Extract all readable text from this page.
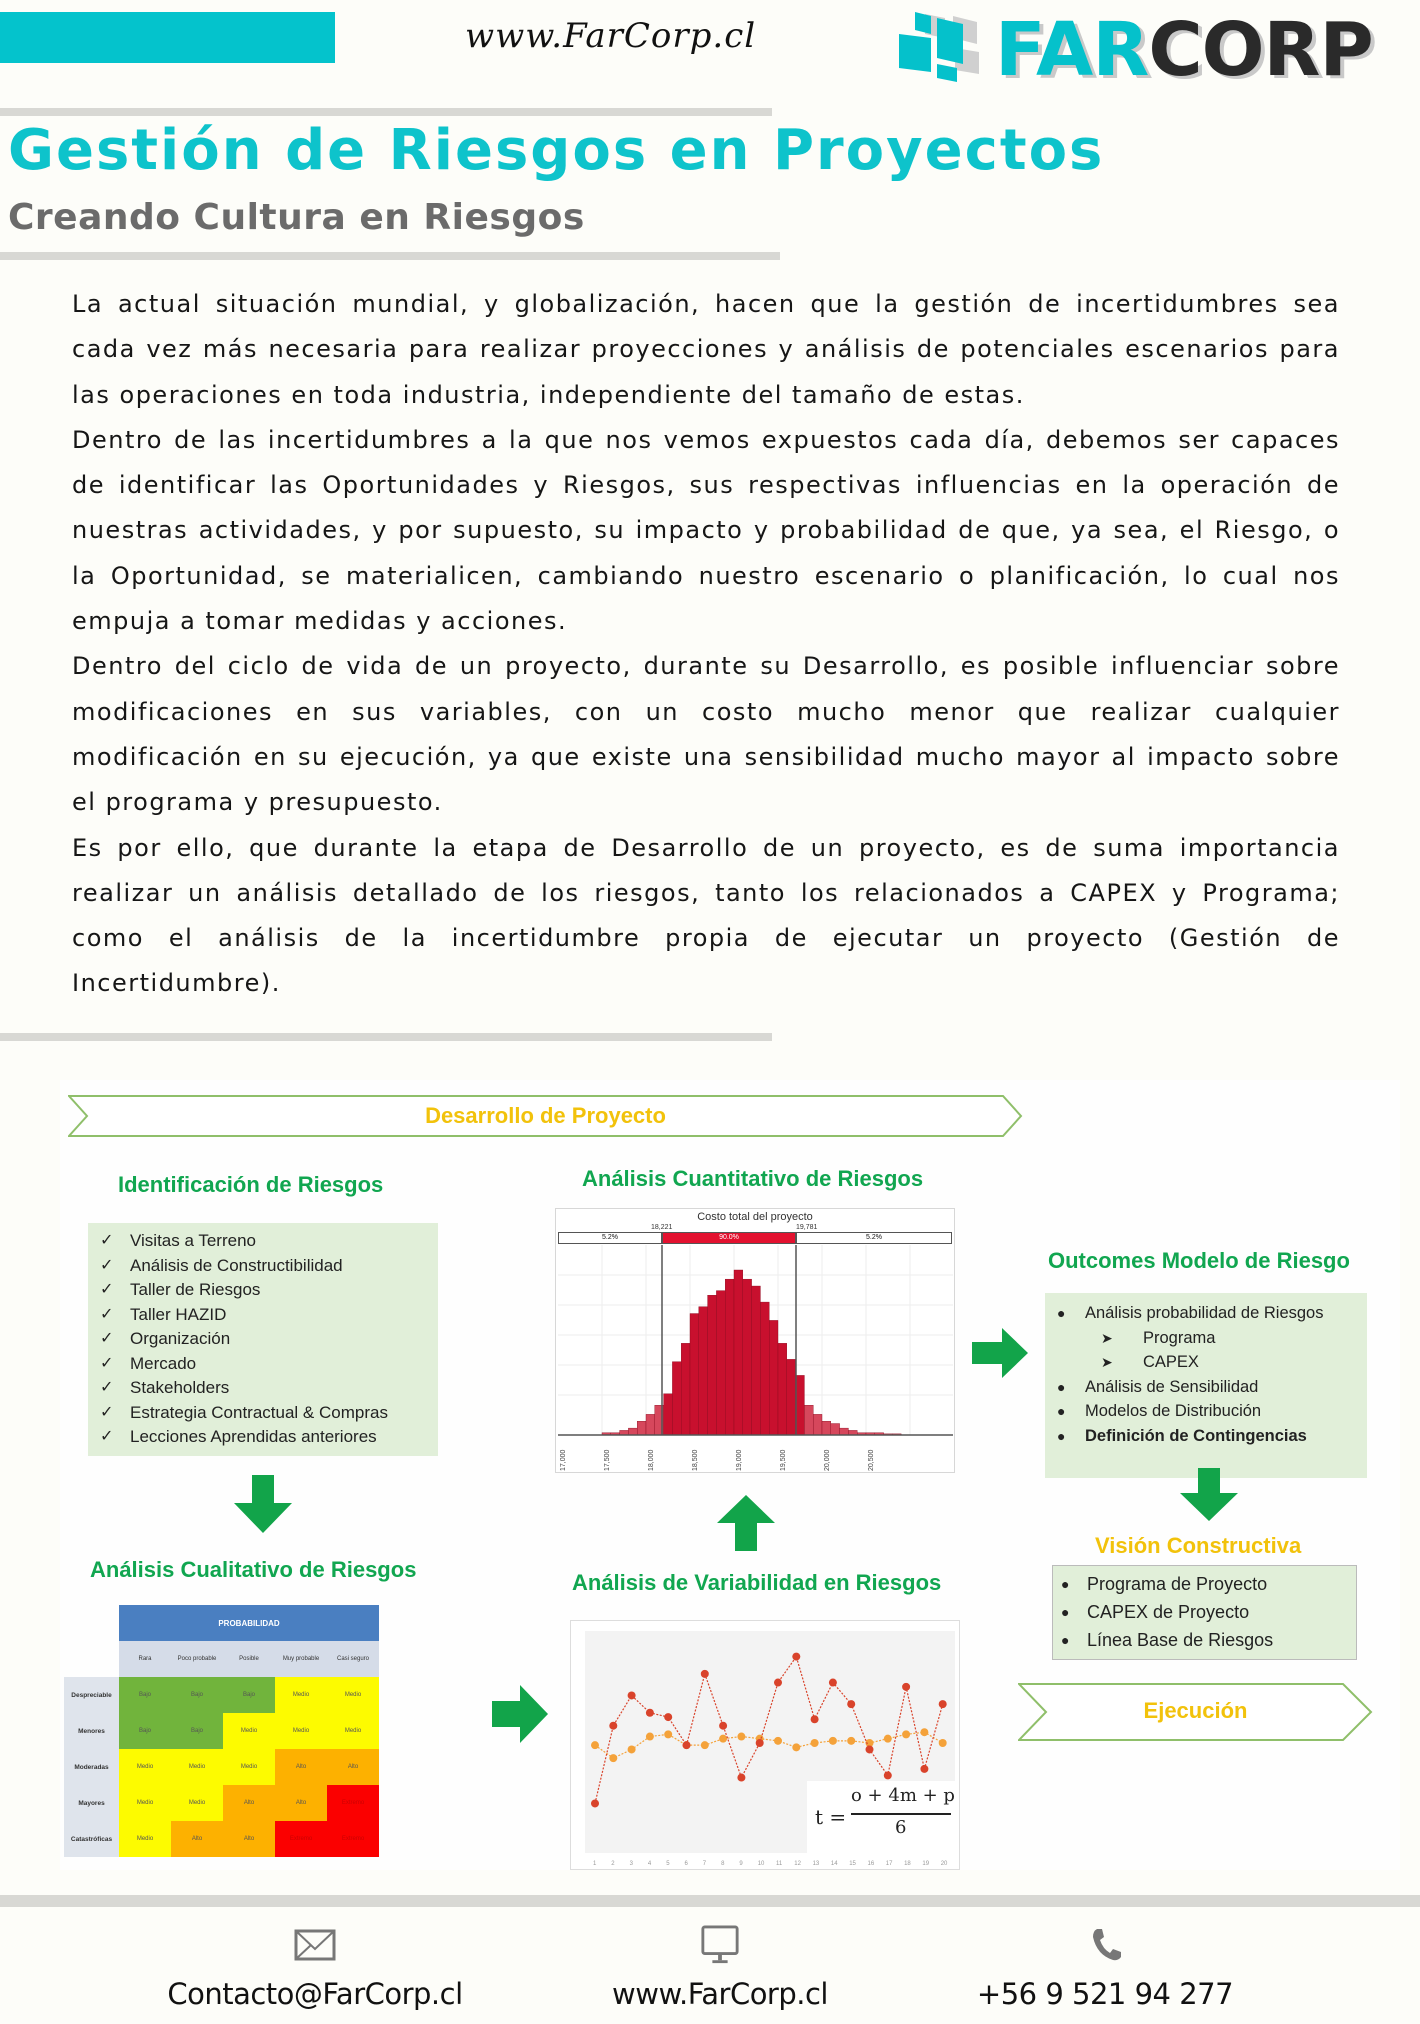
www.FarCorp.cl	FARCORP
Gestión de Riesgos en Proyectos
Creando Cultura en Riesgos

La actual situación mundial, y globalización, hacen que la gestión de incertidumbres sea cada vez más necesaria para realizar proyecciones y análisis de potenciales escenarios para las operaciones en toda industria, independiente del tamaño de estas.

Dentro de las incertidumbres a la que nos vemos expuestos cada día, debemos ser capaces de identificar las Oportunidades y Riesgos, sus respectivas influencias en la operación de nuestras actividades, y por supuesto, su impacto y probabilidad de que, ya sea, el Riesgo, o la Oportunidad, se materialicen, cambiando nuestro escenario o planificación, lo cual nos empuja a tomar medidas y acciones.

Dentro del ciclo de vida de un proyecto, durante su Desarrollo, es posible influenciar sobre modificaciones en sus variables, con un costo mucho menor que realizar cualquier modificación en su ejecución, ya que existe una sensibilidad mucho mayor al impacto sobre el programa y presupuesto.

Es por ello, que durante la etapa de Desarrollo de un proyecto, es de suma importancia realizar un análisis detallado de los riesgos, tanto los relacionados a CAPEX y Programa; como el análisis de la incertidumbre propia de ejecutar un proyecto (Gestión de Incertidumbre).

Desarrollo de Proyecto
Identificación de Riesgos
✓ Visitas a Terreno
✓ Análisis de Constructibilidad
✓ Taller de Riesgos
✓ Taller HAZID
✓ Organización
✓ Mercado
✓ Stakeholders
✓ Estrategia Contractual & Compras
✓ Lecciones Aprendidas anteriores
Análisis Cuantitativo de Riesgos
Costo total del proyecto
18,221	19,781
5.2%	90.0%	5.2%
17,000	17,500	18,000	18,500	19,000	19,500	20,000	20,500
Outcomes Modelo de Riesgo
●	Análisis probabilidad de Riesgos
➤	Programa
➤	CAPEX
●	Análisis de Sensibilidad
●	Modelos de Distribución
●	Definición de Contingencias
Visión Constructiva
● Programa de Proyecto
● CAPEX de Proyecto
● Línea Base de Riesgos
Ejecución
Análisis Cualitativo de Riesgos
	PROBABILIDAD				
	Rara	Poco probable	Posible	Muy probable	Casi seguro
Despreciable	Bajo	Bajo	Bajo	Medio	Medio
Menores	Bajo	Bajo	Medio	Medio	Medio
Moderadas	Medio	Medio	Medio	Alto	Alto
Mayores	Medio	Medio	Alto	Alto	Extremo
Catastróficas	Medio	Alto	Alto	Extremo	Extremo
Análisis de Variabilidad en Riesgos
1 2 3 4 5 6 7 8 9 10 11 12 13 14 15 16 17 18 19 20
t =
o + 4m + p
6
Contacto@FarCorp.cl	www.FarCorp.cl	+56 9 521 94 277
